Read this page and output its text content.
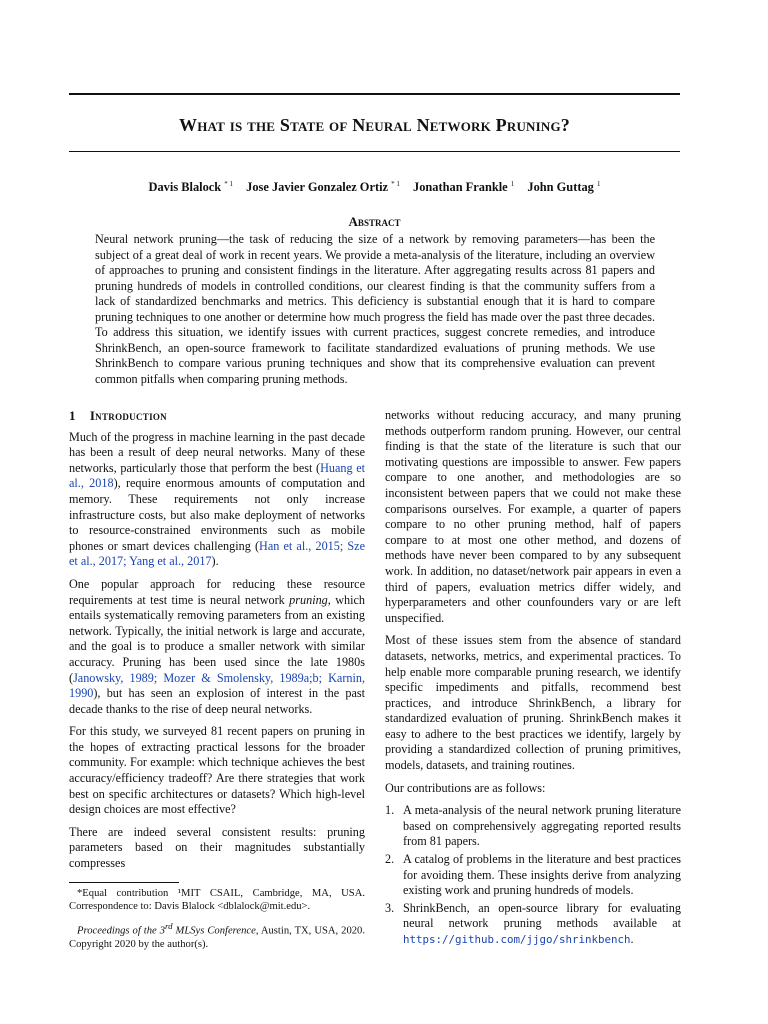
What is the State of Neural Network Pruning?
Davis Blalock $^{* 1}$ Jose Javier Gonzalez Ortiz $^{* 1}$ Jonathan Frankle $^1$ John Guttag $^1$
Abstract

Neural network pruning—the task of reducing the size of a network by removing parameters—has been the subject of a great deal of work in recent years. We provide a meta-analysis of the literature, including an overview of approaches to pruning and consistent findings in the literature. After aggregating results across 81 papers and pruning hundreds of models in controlled conditions, our clearest finding is that the community suffers from a lack of standardized benchmarks and metrics. This deficiency is substantial enough that it is hard to compare pruning techniques to one another or determine how much progress the field has made over the past three decades. To address this situation, we identify issues with current practices, suggest concrete remedies, and introduce ShrinkBench, an open-source framework to facilitate standardized evaluations of pruning methods. We use ShrinkBench to compare various pruning techniques and show that its comprehensive evaluation can prevent common pitfalls when comparing pruning methods.

1 Introduction

Much of the progress in machine learning in the past decade has been a result of deep neural networks. Many of these networks, particularly those that perform the best (Huang et al., 2018), require enormous amounts of computation and memory. These requirements not only increase infrastructure costs, but also make deployment of networks to resource-constrained environments such as mobile phones or smart devices challenging (Han et al., 2015; Sze et al., 2017; Yang et al., 2017).

One popular approach for reducing these resource requirements at test time is neural network pruning, which entails systematically removing parameters from an existing network. Typically, the initial network is large and accurate, and the goal is to produce a smaller network with similar accuracy. Pruning has been used since the late 1980s (Janowsky, 1989; Mozer & Smolensky, 1989a;b; Karnin, 1990), but has seen an explosion of interest in the past decade thanks to the rise of deep neural networks.

For this study, we surveyed 81 recent papers on pruning in the hopes of extracting practical lessons for the broader community. For example: which technique achieves the best accuracy/efficiency tradeoff? Are there strategies that work best on specific architectures or datasets? Which high-level design choices are most effective?

There are indeed several consistent results: pruning parameters based on their magnitudes substantially compresses

*Equal contribution ¹MIT CSAIL, Cambridge, MA, USA. Correspondence to: Davis Blalock <dblalock@mit.edu>.

Proceedings of the 3rd MLSys Conference, Austin, TX, USA, 2020. Copyright 2020 by the author(s).

networks without reducing accuracy, and many pruning methods outperform random pruning. However, our central finding is that the state of the literature is such that our motivating questions are impossible to answer. Few papers compare to one another, and methodologies are so inconsistent between papers that we could not make these comparisons ourselves. For example, a quarter of papers compare to no other pruning method, half of papers compare to at most one other method, and dozens of methods have never been compared to by any subsequent work. In addition, no dataset/network pair appears in even a third of papers, evaluation metrics differ widely, and hyperparameters and other counfounders vary or are left unspecified.

Most of these issues stem from the absence of standard datasets, networks, metrics, and experimental practices. To help enable more comparable pruning research, we identify specific impediments and pitfalls, recommend best practices, and introduce ShrinkBench, a library for standardized evaluation of pruning. ShrinkBench makes it easy to adhere to the best practices we identify, largely by providing a standardized collection of pruning primitives, models, datasets, and training routines.

Our contributions are as follows:

1. A meta-analysis of the neural network pruning literature based on comprehensively aggregating reported results from 81 papers.
2. A catalog of problems in the literature and best practices for avoiding them. These insights derive from analyzing existing work and pruning hundreds of models.
3. ShrinkBench, an open-source library for evaluating neural network pruning methods available at https://github.com/jjgo/shrinkbench.
